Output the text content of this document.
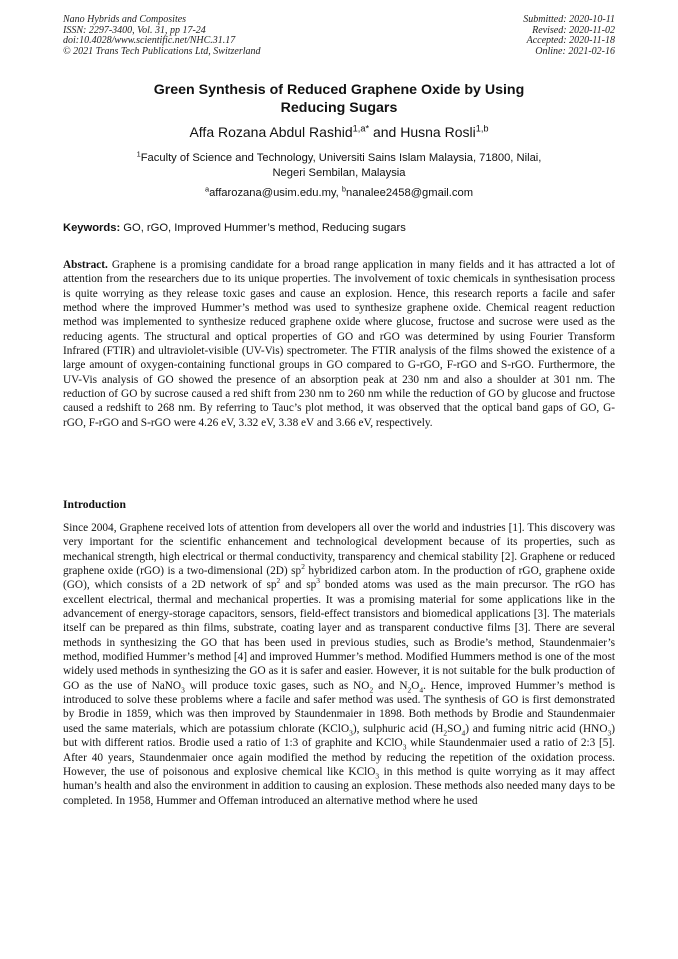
Nano Hybrids and Composites
ISSN: 2297-3400, Vol. 31, pp 17-24
doi:10.4028/www.scientific.net/NHC.31.17
© 2021 Trans Tech Publications Ltd, Switzerland
Submitted: 2020-10-11
Revised: 2020-11-02
Accepted: 2020-11-18
Online: 2021-02-16
Green Synthesis of Reduced Graphene Oxide by Using
Reducing Sugars
Affa Rozana Abdul Rashid$^{1,a*}$ and Husna Rosli$^{1,b}$
$^1$Faculty of Science and Technology, Universiti Sains Islam Malaysia, 71800, Nilai,
Negeri Sembilan, Malaysia
$^a$affarozana@usim.edu.my, $^b$nanalee2458@gmail.com
Keywords: GO, rGO, Improved Hummer’s method, Reducing sugars

Abstract. Graphene is a promising candidate for a broad range application in many fields and it has attracted a lot of attention from the researchers due to its unique properties. The involvement of toxic chemicals in synthesisation process is quite worrying as they release toxic gases and cause an explosion. Hence, this research reports a facile and safer method where the improved Hummer’s method was used to synthesize graphene oxide. Chemical reagent reduction method was implemented to synthesize reduced graphene oxide where glucose, fructose and sucrose were used as the reducing agents. The structural and optical properties of GO and rGO was determined by using Fourier Transform Infrared (FTIR) and ultraviolet-visible (UV-Vis) spectrometer. The FTIR analysis of the films showed the existence of a large amount of oxygen-containing functional groups in GO compared to G-rGO, F-rGO and S-rGO. Furthermore, the UV-Vis analysis of GO showed the presence of an absorption peak at 230 nm and also a shoulder at 301 nm. The reduction of GO by sucrose caused a red shift from 230 nm to 260 nm while the reduction of GO by glucose and fructose caused a redshift to 268 nm. By referring to Tauc’s plot method, it was observed that the optical band gaps of GO, G-rGO, F-rGO and S-rGO were 4.26 eV, 3.32 eV, 3.38 eV and 3.66 eV, respectively.

Introduction

Since 2004, Graphene received lots of attention from developers all over the world and industries [1]. This discovery was very important for the scientific enhancement and technological development because of its properties, such as mechanical strength, high electrical or thermal conductivity, transparency and chemical stability [2]. Graphene or reduced graphene oxide (rGO) is a two-dimensional (2D) $sp^2$ hybridized carbon atom. In the production of rGO, graphene oxide (GO), which consists of a 2D network of $sp^2$ and $sp^3$ bonded atoms was used as the main precursor. The rGO has excellent electrical, thermal and mechanical properties. It was a promising material for some applications like in the advancement of energy-storage capacitors, sensors, field-effect transistors and biomedical applications [3]. The materials itself can be prepared as thin films, substrate, coating layer and as transparent conductive films [3]. There are several methods in synthesizing the GO that has been used in previous studies, such as Brodie’s method, Staundenmaier’s method, modified Hummer’s method [4] and improved Hummer’s method. Modified Hummers method is one of the most widely used methods in synthesizing the GO as it is safer and easier. However, it is not suitable for the bulk production of GO as the use of NaNO$_3$ will produce toxic gases, such as $NO_2$ and $N_2O_4$. Hence, improved Hummer’s method is introduced to solve these problems where a facile and safer method was used. The synthesis of GO is first demonstrated by Brodie in 1859, which was then improved by Staundenmaier in 1898. Both methods by Brodie and Staundenmaier used the same materials, which are potassium chlorate (KClO$_3$), sulphuric acid $(H_2SO_4)$ and fuming nitric acid $(HNO_3)$ but with different ratios. Brodie used a ratio of 1:3 of graphite and KClO$_3$ while Staundenmaier used a ratio of 2:3 [5]. After 40 years, Staundenmaier once again modified the method by reducing the repetition of the oxidation process. However, the use of poisonous and explosive chemical like KClO$_3$ in this method is quite worrying as it may affect human’s health and also the environment in addition to causing an explosion. These methods also needed many days to be completed. In 1958, Hummer and Offeman introduced an alternative method where he used
